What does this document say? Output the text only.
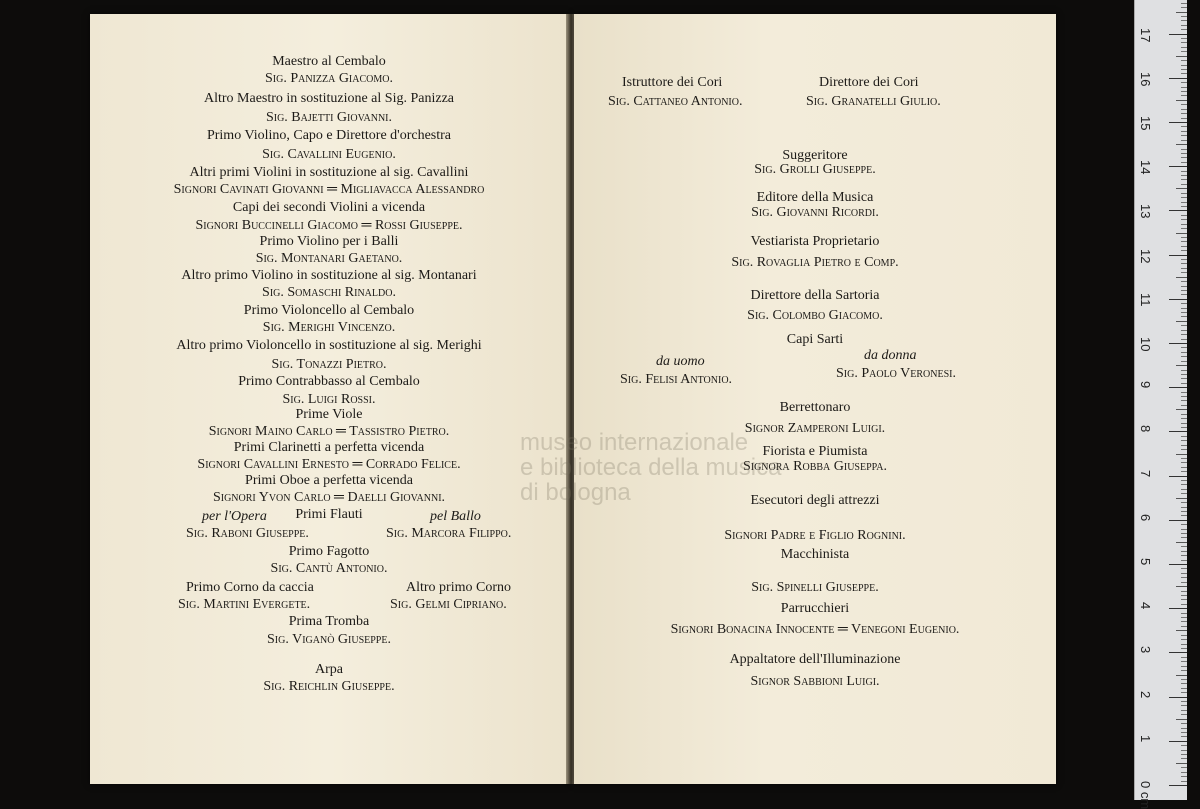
Maestro al Cembalo
Sig. Panizza Giacomo.
Altro Maestro in sostituzione al Sig. Panizza
Sig. Bajetti Giovanni.
Primo Violino, Capo e Direttore d'orchestra
Sig. Cavallini Eugenio.
Altri primi Violini in sostituzione al sig. Cavallini
Signori Cavinati Giovanni ═ Migliavacca Alessandro
Capi dei secondi Violini a vicenda
Signori Buccinelli Giacomo ═ Rossi Giuseppe.
Primo Violino per i Balli
Sig. Montanari Gaetano.
Altro primo Violino in sostituzione al sig. Montanari
Sig. Somaschi Rinaldo.
Primo Violoncello al Cembalo
Sig. Merighi Vincenzo.
Altro primo Violoncello in sostituzione al sig. Merighi
Sig. Tonazzi Pietro.
Primo Contrabbasso al Cembalo
Sig. Luigi Rossi.
Prime Viole
Signori Maino Carlo ═ Tassistro Pietro.
Primi Clarinetti a perfetta vicenda
Signori Cavallini Ernesto ═ Corrado Felice.
Primi Oboe a perfetta vicenda
Signori Yvon Carlo ═ Daelli Giovanni.
Primi Flauti
per l'Opera	pel Ballo
Sig. Raboni Giuseppe.	Sig. Marcora Filippo.
Primo Fagotto
Sig. Cantù Antonio.
Primo Corno da caccia	Altro primo Corno
Sig. Martini Evergete.	Sig. Gelmi Cipriano.
Prima Tromba
Sig. Viganò Giuseppe.
Arpa
Sig. Reichlin Giuseppe.
Istruttore dei Cori	Direttore dei Cori
Sig. Cattaneo Antonio.	Sig. Granatelli Giulio.
Suggeritore
Sig. Grolli Giuseppe.
Editore della Musica
Sig. Giovanni Ricordi.
Vestiarista Proprietario
Sig. Rovaglia Pietro e Comp.
Direttore della Sartoria
Sig. Colombo Giacomo.
Capi Sarti
da uomo	da donna
Sig. Felisi Antonio.	Sig. Paolo Veronesi.
Berrettonaro
Signor Zamperoni Luigi.
Fiorista e Piumista
Signora Robba Giuseppa.
Esecutori degli attrezzi
Signori Padre e Figlio Rognini.
Macchinista
Sig. Spinelli Giuseppe.
Parrucchieri
Signori Bonacina Innocente ═ Venegoni Eugenio.
Appaltatore dell'Illuminazione
Signor Sabbioni Luigi.
museo internazionale
e biblioteca della musica
di bologna
0 cm
1
2
3
4
5
6
7
8
9
10
11
12
13
14
15
16
17
